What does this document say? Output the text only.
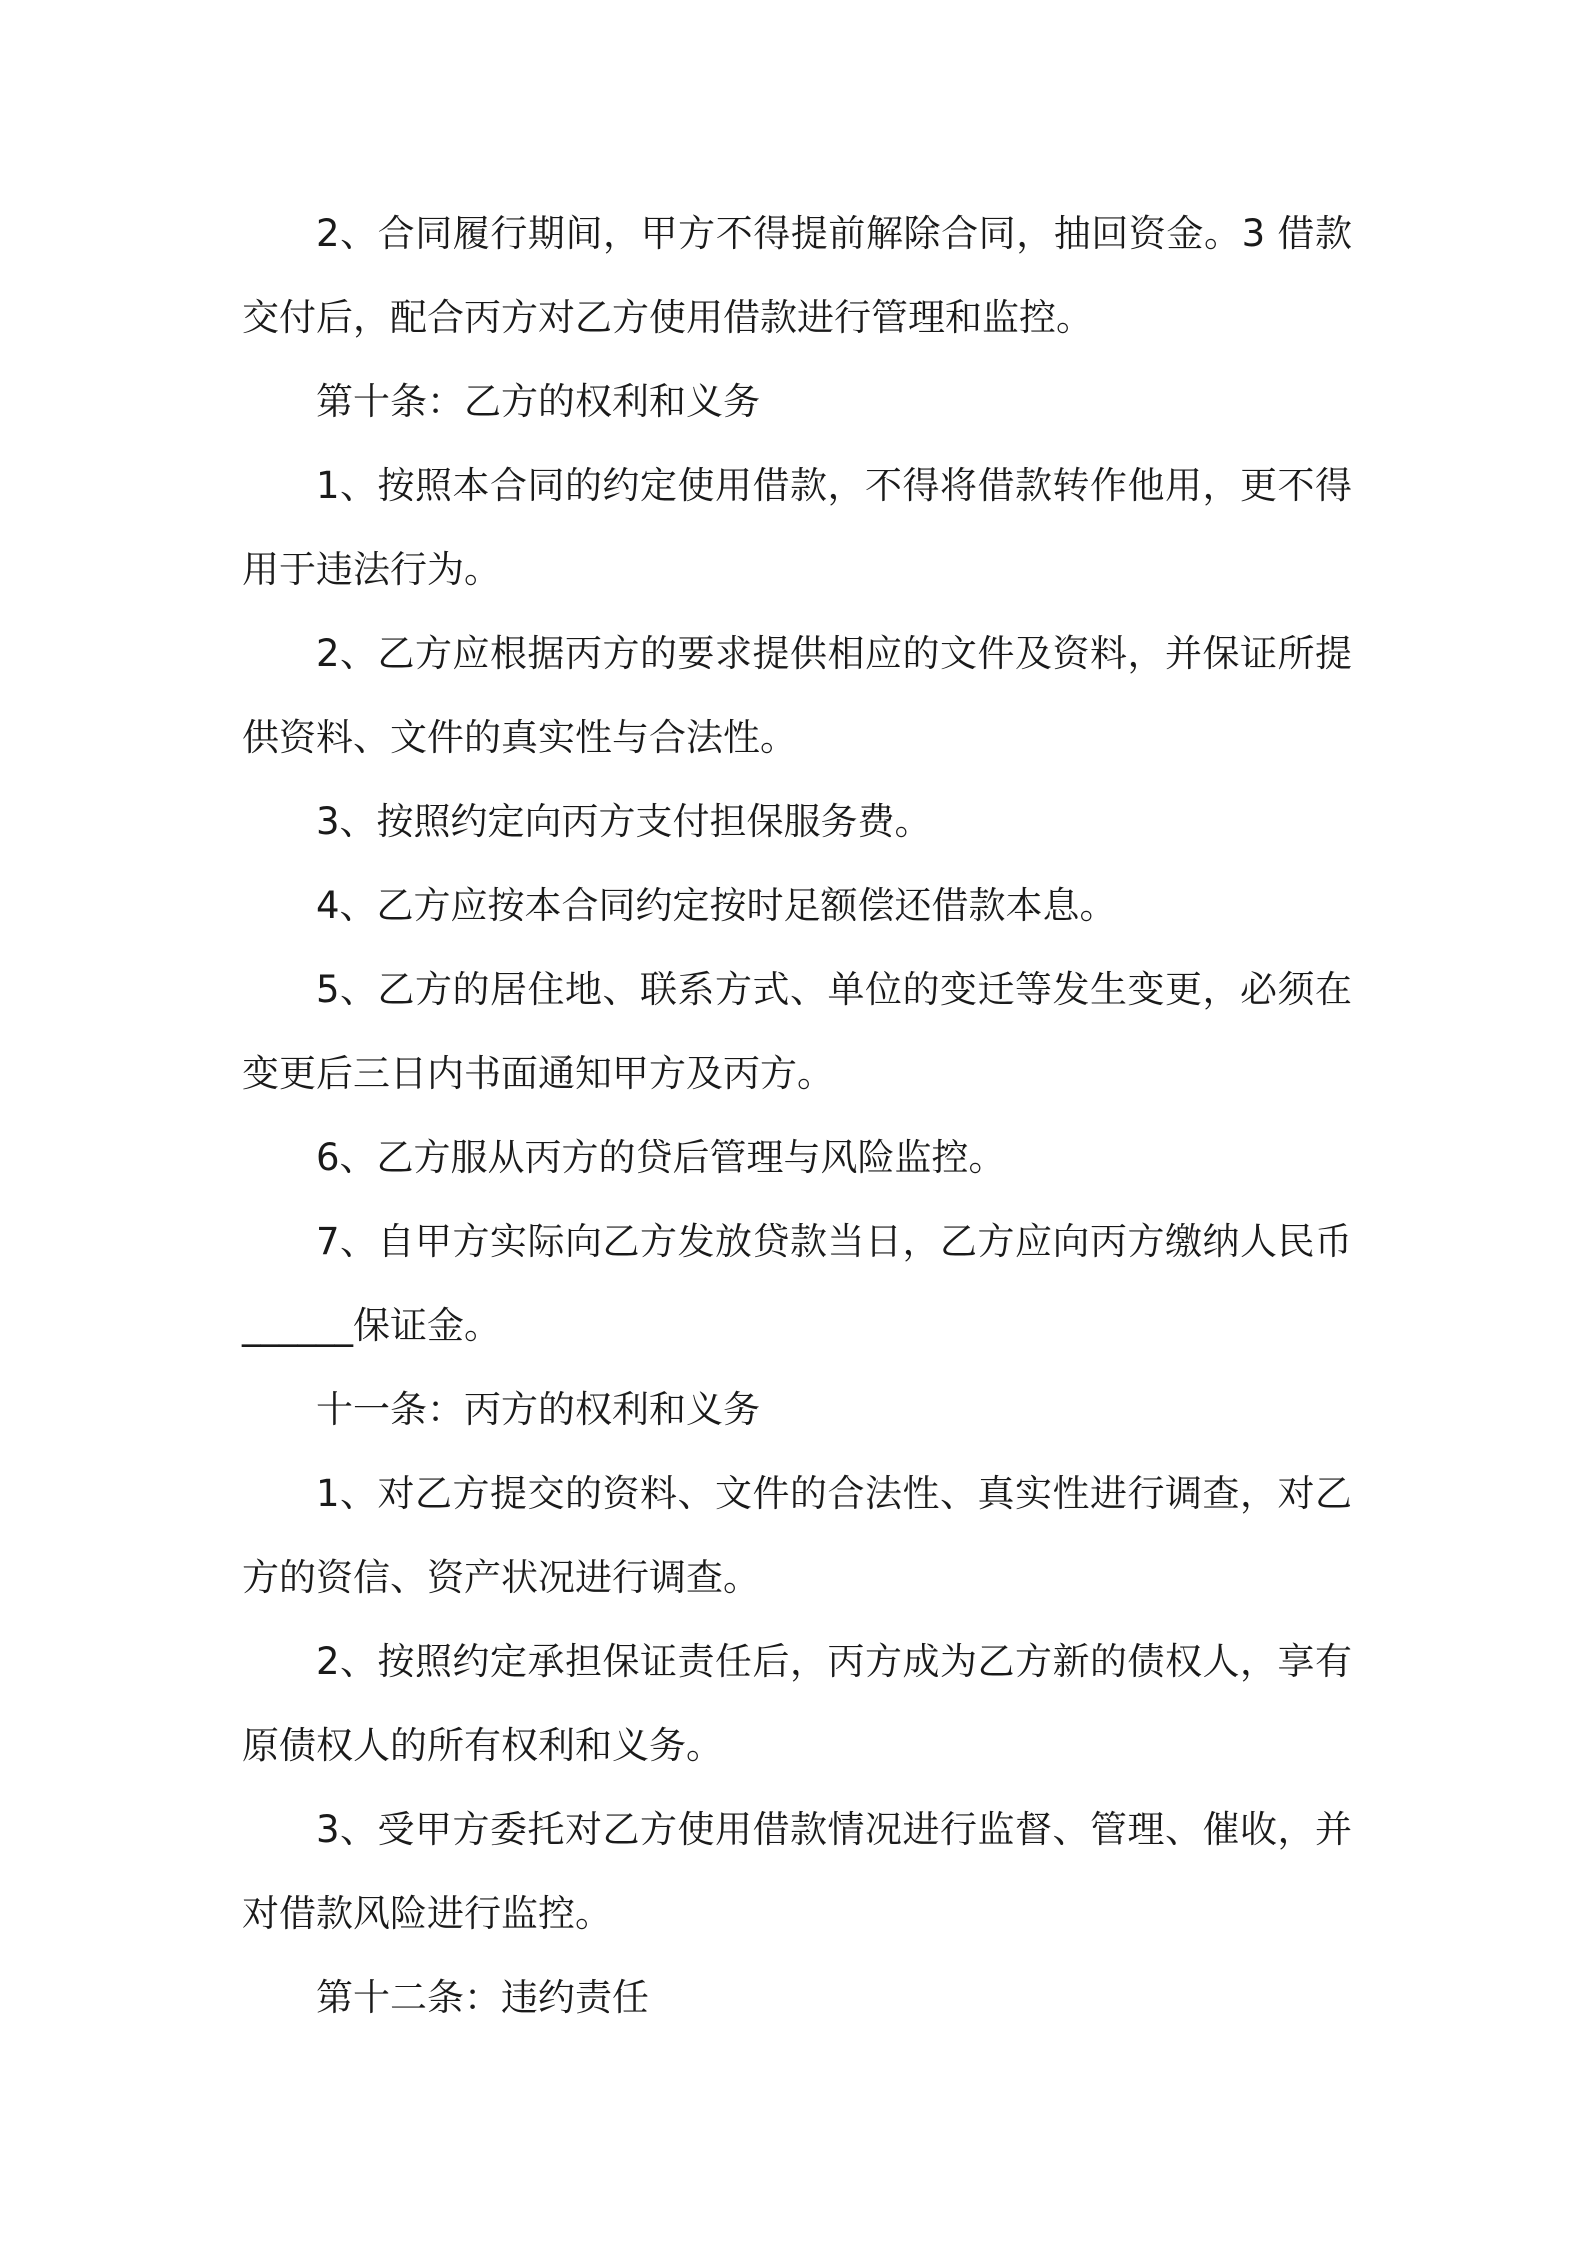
2、合同履行期间，甲方不得提前解除合同，抽回资金。3 借款交付后，配合丙方对乙方使用借款进行管理和监控。

第十条：乙方的权利和义务

1、按照本合同的约定使用借款，不得将借款转作他用，更不得用于违法行为。

2、乙方应根据丙方的要求提供相应的文件及资料，并保证所提供资料、文件的真实性与合法性。

3、按照约定向丙方支付担保服务费。

4、乙方应按本合同约定按时足额偿还借款本息。

5、乙方的居住地、联系方式、单位的变迁等发生变更，必须在变更后三日内书面通知甲方及丙方。

6、乙方服从丙方的贷后管理与风险监控。

7、自甲方实际向乙方发放贷款当日，乙方应向丙方缴纳人民币______保证金。

十一条：丙方的权利和义务

1、对乙方提交的资料、文件的合法性、真实性进行调查，对乙方的资信、资产状况进行调查。

2、按照约定承担保证责任后，丙方成为乙方新的债权人，享有原债权人的所有权利和义务。

3、受甲方委托对乙方使用借款情况进行监督、管理、催收，并对借款风险进行监控。

第十二条：违约责任
